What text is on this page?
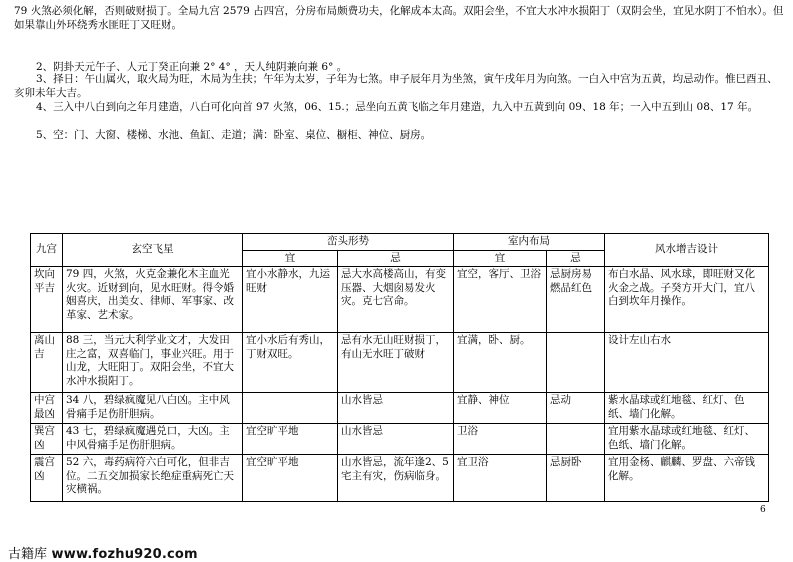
79 火煞必须化解，否则破财损丁。全局九宫 2579 占四宫，分房布局颇费功夫，化解成本太高。双阳会坐，不宜大水冲水损阳丁（双阴会坐，宜见水阴丁不怕水）。但如果靠山外环绕秀水匪旺丁又旺财。
2、阴卦天元午子、人元丁癸正向兼 2° 4° ，天人纯阴兼向兼 6° 。
3、择日：午山属火，取火局为旺，木局为生扶；午年为太岁，子年为七煞。申子辰年月为坐煞，寅午戌年月为向煞。一白入中宫为五黄，均忌动作。惟巳酉丑、亥卯未年大吉。
4、三入中八白到向之年月建造，八白可化向首 97 火煞，06、15.；忌坐向五黄飞临之年月建造，九入中五黄到向 09、18 年；一入中五到山 08、17 年。
5、空：门、大窗、楼梯、水池、鱼缸、走道；满：卧室、桌位、橱柜、神位、厨房。
九宫	玄空飞星	峦头形势		室内布局		风水增吉设计
		宜	忌	宜	忌	
坎向平吉	79 四，火煞，火克金兼化木主血光火灾。近财到向，见水旺财。得令婚姻喜庆，出美女、律师、军事家、改革家、艺术家。	宜小水静水，九运旺财	忌大水高楼高山，有变压器、大烟囱易发火灾。克七宫命。	宜空，客厅、卫浴	忌厨房易燃品红色	布白水晶、风水球，即旺财又化火金之战。子癸方开大门，宜八白到坎年月操作。
离山吉	88 三，当元大利学业文才，大发田庄之富，双喜临门，事业兴旺。用于山龙，大旺阳丁。双阳会坐，不宜大水冲水损阳丁。	宜小水后有秀山，丁财双旺。	忌有水无山旺财损丁，有山无水旺丁破财	宜满，卧、厨。		设计左山右水
中宫最凶	34 八，碧绿疯魔见八白凶。主中风骨痛手足伤肝胆病。		山水皆忌	宜静、神位	忌动	紫水晶球或红地毯、红灯、色纸、墙门化解。
巽宫凶	43 七，碧绿疯魔遇兑口，大凶。主中风骨痛手足伤肝胆病。	宜空旷平地	山水皆忌	卫浴		宜用紫水晶球或红地毯、红灯、色纸、墙门化解。
震宫凶	52 六，毒药病符六白可化，但非吉位。二五交加损家长绝症重病死亡天灾横祸。	宜空旷平地	山水皆忌，流年逢2、5 宅主有灾，伤病临身。	宜卫浴	忌厨卧	宜用金杨、麒麟、罗盘、六帝钱化解。
6
古籍库 www.fozhu920.com
